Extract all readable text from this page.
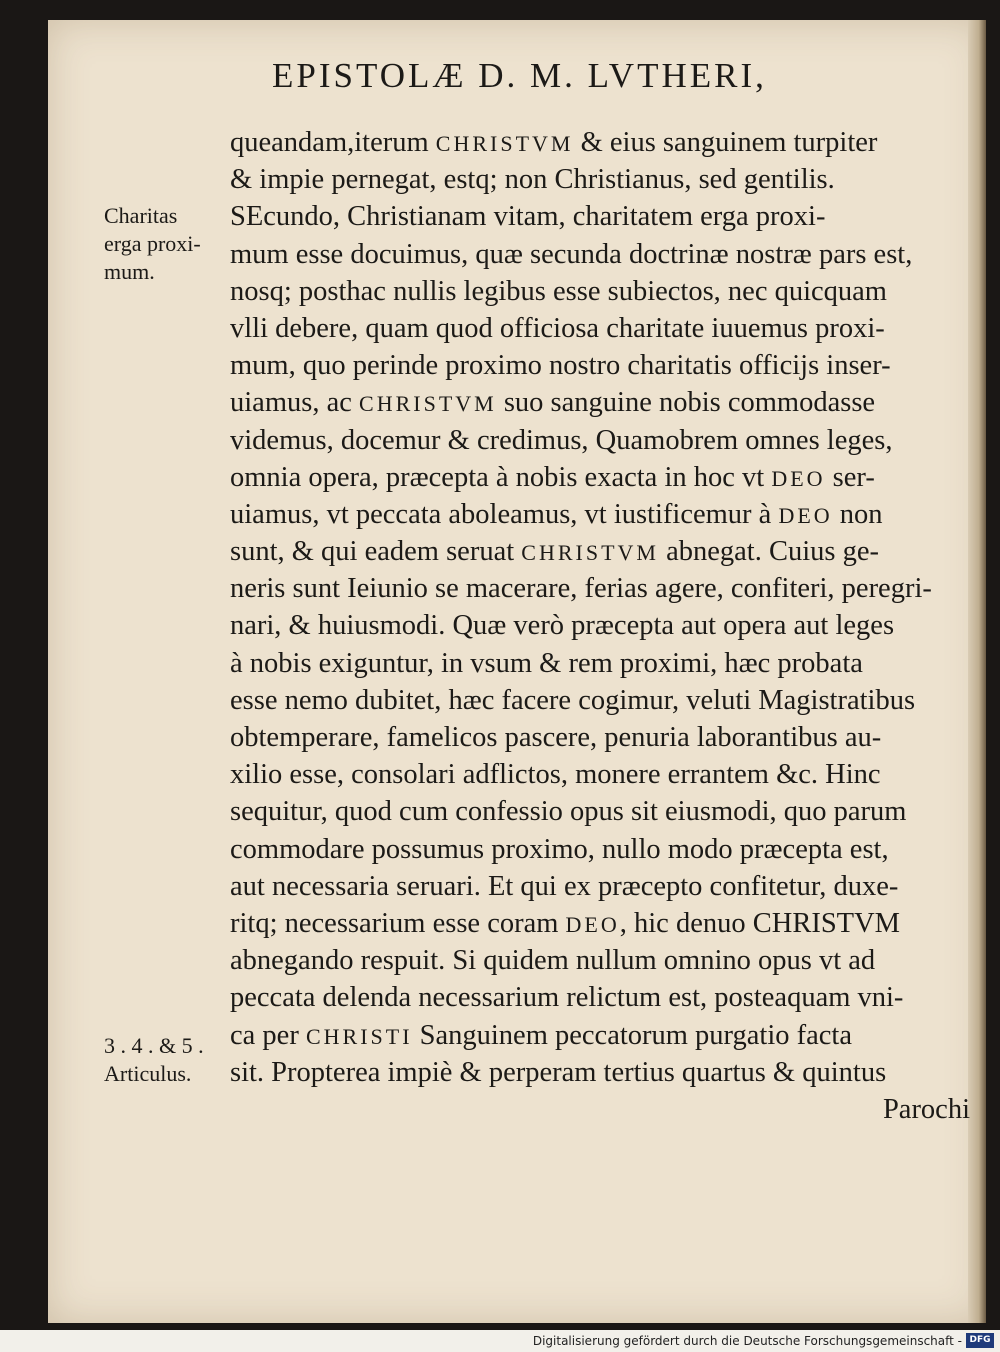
EPISTOLÆ D. M. LVTHERI,
Charitas
erga proxi-
mum.
3 . 4 . & 5 .
Articulus.
queandam,iterum CHRISTVM & eius sanguinem turpiter
& impie pernegat, estq; non Christianus, sed gentilis.
SEcundo, Christianam vitam, charitatem erga proxi-
mum esse docuimus, quæ secunda doctrinæ nostræ pars est,
nosq; posthac nullis legibus esse subiectos, nec quicquam
vlli debere, quam quod officiosa charitate iuuemus proxi-
mum, quo perinde proximo nostro charitatis officijs inser-
uiamus, ac CHRISTVM suo sanguine nobis commodasse
videmus, docemur & credimus, Quamobrem omnes leges,
omnia opera, præcepta à nobis exacta in hoc vt DEO ser-
uiamus, vt peccata aboleamus, vt iustificemur à DEO non
sunt, & qui eadem seruat CHRISTVM abnegat. Cuius ge-
neris sunt Ieiunio se macerare, ferias agere, confiteri, peregri-
nari, & huiusmodi. Quæ verò præcepta aut opera aut leges
à nobis exiguntur, in vsum & rem proximi, hæc probata
esse nemo dubitet, hæc facere cogimur, veluti Magistratibus
obtemperare, famelicos pascere, penuria laborantibus au-
xilio esse, consolari adflictos, monere errantem &c. Hinc
sequitur, quod cum confessio opus sit eiusmodi, quo parum
commodare possumus proximo, nullo modo præcepta est,
aut necessaria seruari. Et qui ex præcepto confitetur, duxe-
ritq; necessarium esse coram DEO, hic denuo CHRISTVM
abnegando respuit. Si quidem nullum omnino opus vt ad
peccata delenda necessarium relictum est, posteaquam vni-
ca per CHRISTI Sanguinem peccatorum purgatio facta
sit. Propterea impiè & perperam tertius quartus & quintus
Parochi
Digitalisierung gefördert durch die Deutsche Forschungsgemeinschaft - DFG
